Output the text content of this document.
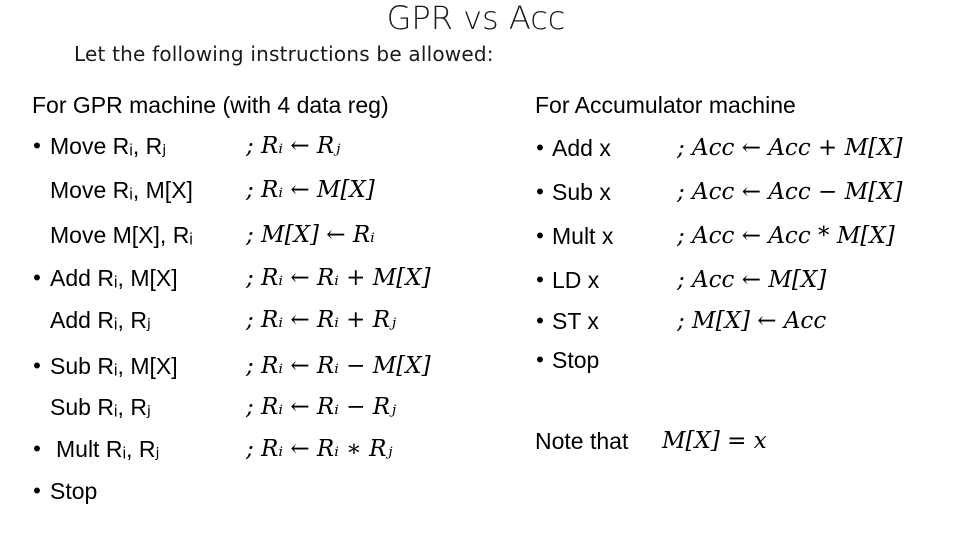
GPR vs Acc
Let the following instructions be allowed:
For GPR machine (with 4 data reg)
• Move Rᵢ, Rⱼ	; Rᵢ ← Rⱼ
Move Rᵢ, M[X] ; Rᵢ ← M[X]
Move M[X], Rᵢ ; M[X] ← Rᵢ
• Add Rᵢ, M[X]	; Rᵢ ← Rᵢ + M[X]
Add Rᵢ, Rⱼ	; Rᵢ ← Rᵢ + Rⱼ
• Sub Rᵢ, M[X]	; Rᵢ ← Rᵢ − M[X]
Sub Rᵢ, Rⱼ	; Rᵢ ← Rᵢ − Rⱼ
• Mult Rᵢ, Rⱼ	; Rᵢ ← Rᵢ ∗ Rⱼ
• Stop
For Accumulator machine
• Add x	; Acc ← Acc + M[X]
• Sub x	; Acc ← Acc − M[X]
• Mult x	; Acc ← Acc * M[X]
• LD x	; Acc ← M[X]
• ST x	; M[X] ← Acc
• Stop
Note that M[X] = x
